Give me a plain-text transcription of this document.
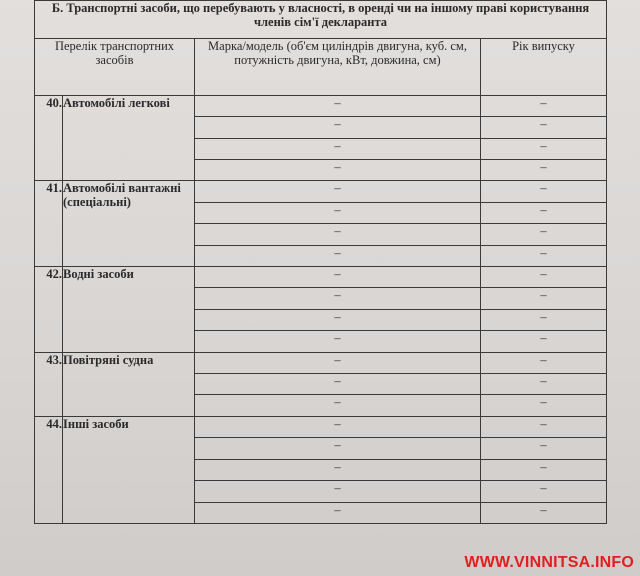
Б. Транспортні засоби, що перебувають у власності, в оренді чи на іншому праві користування членів сім'ї декларанта			
Перелік транспортних засобів		Марка/модель (об'єм циліндрів двигуна, куб. см, потужність двигуна, кВт, довжина, см)	Рік випуску
40.	Автомобілі легкові	–	–
		–	–
		–	–
		–	–
41.	Автомобілі вантажні (спеціальні)	–	–
		–	–
		–	–
		–	–
42.	Водні засоби	–	–
		–	–
		–	–
		–	–
43.	Повітряні судна	–	–
		–	–
		–	–
44.	Інші засоби	–	–
		–	–
		–	–
		–	–
		–	–
WWW.VINNITSA.INFO
